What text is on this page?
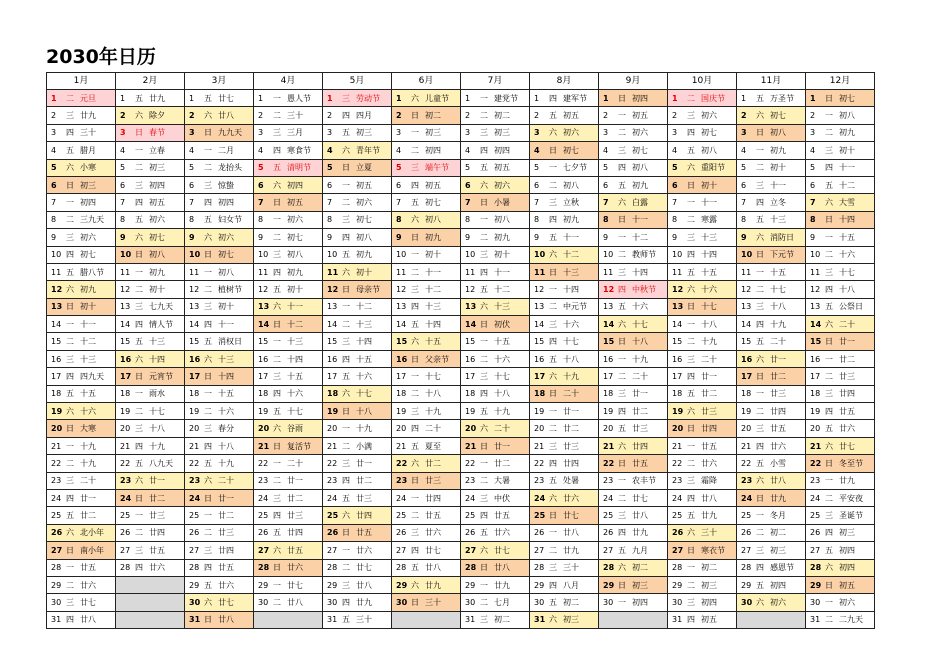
2030年日历
1月	2月	3月	4月	5月	6月	7月	8月	9月	10月	11月	12月
1 二 元旦	1 五 廿九	1 五 廿七	1 一 愚人节	1 三 劳动节	1 六 儿童节	1 一 建党节	1 四 建军节	1 日 初四	1 二 国庆节	1 五 万圣节	1 日 初七
2 三 廿九	2 六 除夕	2 六 廿八	2 二 三十	2 四 四月	2 日 初二	2 二 初二	2 五 初五	2 一 初五	2 三 初六	2 六 初七	2 一 初八
3 四 三十	3 日 春节	3 日 九九天	3 三 三月	3 五 初三	3 一 初三	3 三 初三	3 六 初六	3 二 初六	3 四 初七	3 日 初八	3 二 初九
4 五 腊月	4 一 立春	4 一 二月	4 四 寒食节	4 六 青年节	4 二 初四	4 四 初四	4 日 初七	4 三 初七	4 五 初八	4 一 初九	4 三 初十
5 六 小寒	5 二 初三	5 二 龙抬头	5 五 清明节	5 日 立夏	5 三 端午节	5 五 初五	5 一 七夕节	5 四 初八	5 六 重阳节	5 二 初十	5 四 十一
6 日 初三	6 三 初四	6 三 惊蛰	6 六 初四	6 一 初五	6 四 初五	6 六 初六	6 二 初八	6 五 初九	6 日 初十	6 三 十一	6 五 十二
7 一 初四	7 四 初五	7 四 初四	7 日 初五	7 二 初六	7 五 初七	7 日 小暑	7 三 立秋	7 六 白露	7 一 十一	7 四 立冬	7 六 大雪
8 二 三九天	8 五 初六	8 五 妇女节	8 一 初六	8 三 初七	8 六 初八	8 一 初八	8 四 初九	8 日 十一	8 二 寒露	8 五 十三	8 日 十四
9 三 初六	9 六 初七	9 六 初六	9 二 初七	9 四 初八	9 日 初九	9 二 初九	9 五 十一	9 一 十二	9 三 十三	9 六 消防日	9 一 十五
10 四 初七	10 日 初八	10 日 初七	10 三 初八	10 五 初九	10 一 初十	10 三 初十	10 六 十二	10 二 教师节	10 四 十四	10 日 下元节	10 二 十六
11 五 腊八节	11 一 初九	11 一 初八	11 四 初九	11 六 初十	11 二 十一	11 四 十一	11 日 十三	11 三 十四	11 五 十五	11 一 十五	11 三 十七
12 六 初九	12 二 初十	12 二 植树节	12 五 初十	12 日 母亲节	12 三 十二	12 五 十二	12 一 十四	12 四 中秋节	12 六 十六	12 二 十七	12 四 十八
13 日 初十	13 三 七九天	13 三 初十	13 六 十一	13 一 十二	13 四 十三	13 六 十三	13 二 中元节	13 五 十六	13 日 十七	13 三 十八	13 五 公祭日
14 一 十一	14 四 情人节	14 四 十一	14 日 十二	14 二 十三	14 五 十四	14 日 初伏	14 三 十六	14 六 十七	14 一 十八	14 四 十九	14 六 二十
15 二 十二	15 五 十三	15 五 消权日	15 一 十三	15 三 十四	15 六 十五	15 一 十五	15 四 十七	15 日 十八	15 二 十九	15 五 二十	15 日 廿一
16 三 十三	16 六 十四	16 六 十三	16 二 十四	16 四 十五	16 日 父亲节	16 二 十六	16 五 十八	16 一 十九	16 三 二十	16 六 廿一	16 一 廿二
17 四 四九天	17 日 元宵节	17 日 十四	17 三 十五	17 五 十六	17 一 十七	17 三 十七	17 六 十九	17 二 二十	17 四 廿一	17 日 廿二	17 二 廿三
18 五 十五	18 一 雨水	18 一 十五	18 四 十六	18 六 十七	18 二 十八	18 四 十八	18 日 二十	18 三 廿一	18 五 廿二	18 一 廿三	18 三 廿四
19 六 十六	19 二 十七	19 二 十六	19 五 十七	19 日 十八	19 三 十九	19 五 十九	19 一 廿一	19 四 廿二	19 六 廿三	19 二 廿四	19 四 廿五
20 日 大寒	20 三 十八	20 三 春分	20 六 谷雨	20 一 十九	20 四 二十	20 六 二十	20 二 廿二	20 五 廿三	20 日 廿四	20 三 廿五	20 五 廿六
21 一 十九	21 四 十九	21 四 十八	21 日 复活节	21 二 小满	21 五 夏至	21 日 廿一	21 三 廿三	21 六 廿四	21 一 廿五	21 四 廿六	21 六 廿七
22 二 十九	22 五 八九天	22 五 十九	22 一 二十	22 三 廿一	22 六 廿二	22 一 廿二	22 四 廿四	22 日 廿五	22 二 廿六	22 五 小雪	22 日 冬至节
23 三 二十	23 六 廿一	23 六 二十	23 二 廿一	23 四 廿二	23 日 廿三	23 二 大暑	23 五 处暑	23 一 农丰节	23 三 霜降	23 六 廿八	23 一 廿九
24 四 廿一	24 日 廿二	24 日 廿一	24 三 廿二	24 五 廿三	24 一 廿四	24 三 中伏	24 六 廿六	24 二 廿七	24 四 廿八	24 日 廿九	24 二 平安夜
25 五 廿二	25 一 廿三	25 一 廿二	25 四 廿三	25 六 廿四	25 二 廿五	25 四 廿五	25 日 廿七	25 三 廿八	25 五 廿九	25 一 冬月	25 三 圣诞节
26 六 北小年	26 二 廿四	26 二 廿三	26 五 廿四	26 日 廿五	26 三 廿六	26 五 廿六	26 一 廿八	26 四 廿九	26 六 三十	26 二 初二	26 四 初三
27 日 南小年	27 三 廿五	27 三 廿四	27 六 廿五	27 一 廿六	27 四 廿七	27 六 廿七	27 二 廿九	27 五 九月	27 日 寒衣节	27 三 初三	27 五 初四
28 一 廿五	28 四 廿六	28 四 廿五	28 日 廿六	28 二 廿七	28 五 廿八	28 日 廿八	28 三 三十	28 六 初二	28 一 初二	28 四 感恩节	28 六 初四
29 二 廿六		29 五 廿六	29 一 廿七	29 三 廿八	29 六 廿九	29 一 廿九	29 四 八月	29 日 初三	29 二 初三	29 五 初四	29 日 初五
30 三 廿七		30 六 廿七	30 二 廿八	30 四 廿九	30 日 三十	30 二 七月	30 五 初二	30 一 初四	30 三 初四	30 六 初六	30 一 初六
31 四 廿八		31 日 廿八		31 五 三十		31 三 初二	31 六 初三		31 四 初五		31 二 二九天
